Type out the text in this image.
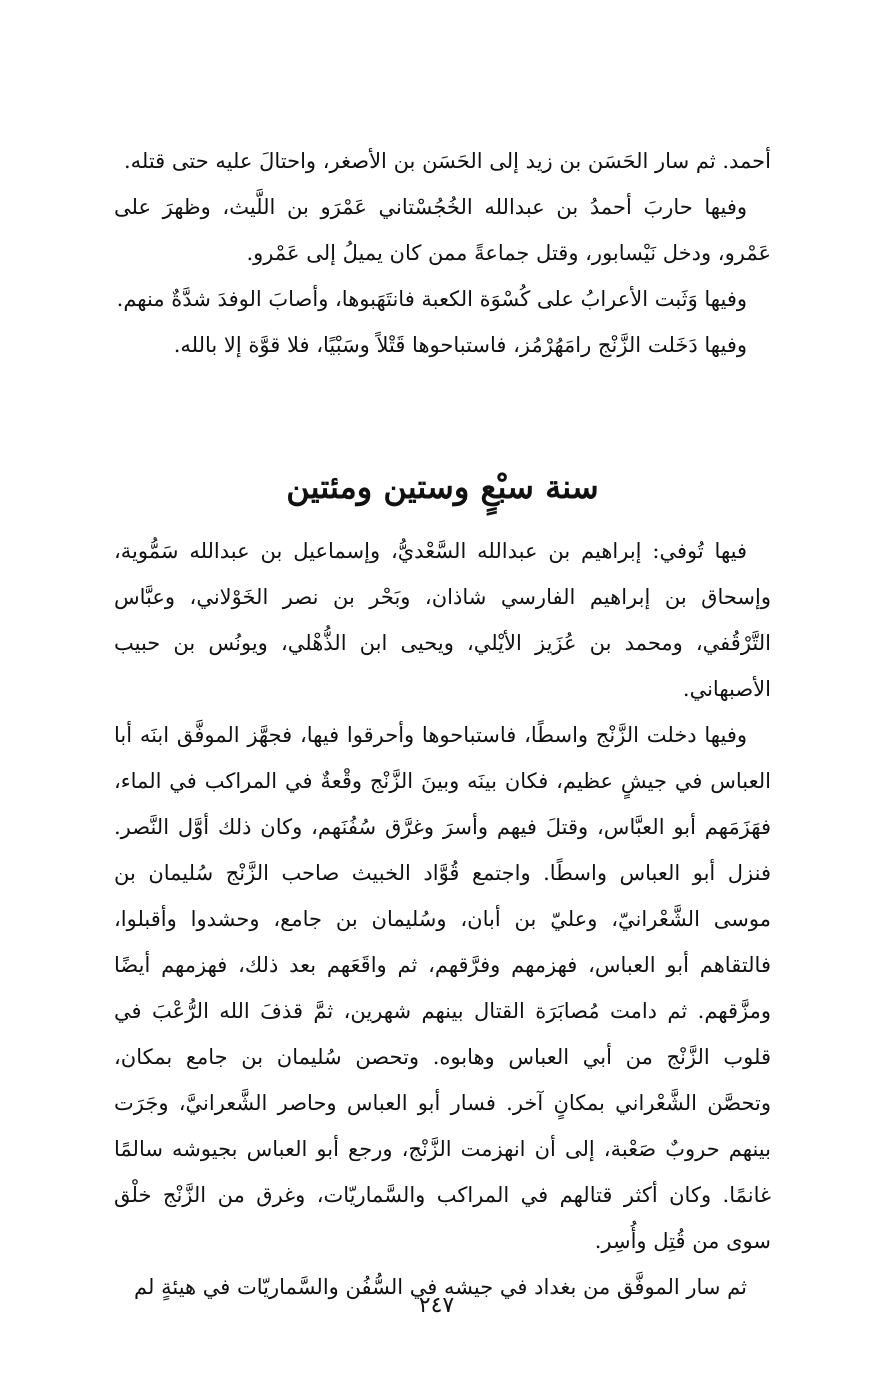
أحمد. ثم سار الحَسَن بن زيد إلى الحَسَن بن الأصغر، واحتالَ عليه حتى قتله.

وفيها حاربَ أحمدُ بن عبدالله الخُجُسْتاني عَمْرَو بن اللَّيث، وظهرَ على عَمْرو، ودخل نَيْسابور، وقتل جماعةً ممن كان يميلُ إلى عَمْرو.

وفيها وَثَبت الأعرابُ على كُسْوَة الكعبة فانتَهَبوها، وأصابَ الوفدَ شدَّةٌ منهم.

وفيها دَخَلت الزَّنْج رامَهُرْمُز، فاستباحوها قَتْلاً وسَبْيًا، فلا قوَّة إلا بالله.

سنة سبْعٍ وستين ومئتين

فيها تُوفي: إبراهيم بن عبدالله السَّعْديُّ، وإسماعيل بن عبدالله سَمُّوية، وإسحاق بن إبراهيم الفارسي شاذان، وبَحْر بن نصر الخَوْلاني، وعبَّاس التَّرْقُفي، ومحمد بن عُزَيز الأيْلي، ويحيى ابن الذُّهْلي، ويونُس بن حبيب الأصبهاني.

وفيها دخلت الزَّنْج واسطًا، فاستباحوها وأحرقوا فيها، فجهَّز الموفَّق ابنَه أبا العباس في جيشٍ عظيم، فكان بينَه وبينَ الزَّنْج وقْعةٌ في المراكب في الماء، فهَزَمَهم أبو العبَّاس، وقتلَ فيهم وأسرَ وغرَّق سُفُنَهم، وكان ذلك أوَّل النَّصر. فنزل أبو العباس واسطًا. واجتمع قُوَّاد الخبيث صاحب الزَّنْج سُليمان بن موسى الشَّعْرانيّ، وعليّ بن أبان، وسُليمان بن جامع، وحشدوا وأقبلوا، فالتقاهم أبو العباس، فهزمهم وفرَّقهم، ثم واقَعَهم بعد ذلك، فهزمهم أيضًا ومزَّقهم. ثم دامت مُصابَرَة القتال بينهم شهرين، ثمَّ قذفَ الله الرُّعْبَ في قلوب الزَّنْج من أبي العباس وهابوه. وتحصن سُليمان بن جامع بمكان، وتحصَّن الشَّعْراني بمكانٍ آخر. فسار أبو العباس وحاصر الشَّعرانيَّ، وجَرَت بينهم حروبٌ صَعْبة، إلى أن انهزمت الزَّنْج، ورجع أبو العباس بجيوشه سالمًا غانمًا. وكان أكثر قتالهم في المراكب والسَّماريّات، وغرق من الزَّنْج خلْق سوى من قُتِل وأُسِر.

ثم سار الموفَّق من بغداد في جيشه في السُّفُن والسَّماريّات في هيئةٍ لم

٢٤٧
